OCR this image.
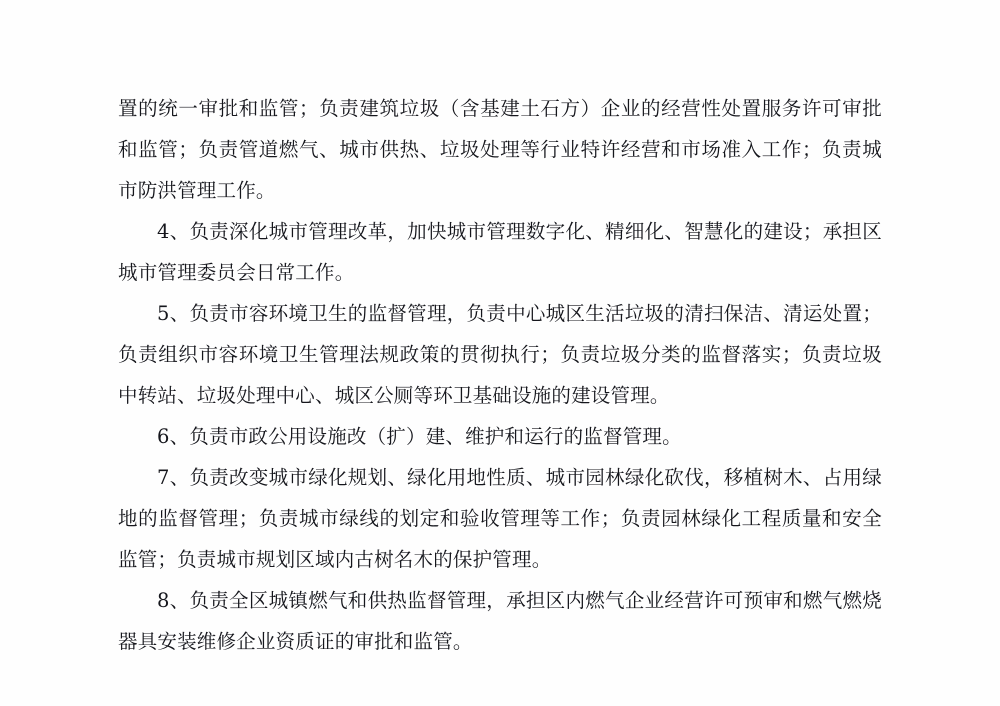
置的统一审批和监管；负责建筑垃圾（含基建土石方）企业的经营性处置服务许可审批和监管；负责管道燃气、城市供热、垃圾处理等行业特许经营和市场准入工作；负责城市防洪管理工作。

4、负责深化城市管理改革，加快城市管理数字化、精细化、智慧化的建设；承担区城市管理委员会日常工作。

5、负责市容环境卫生的监督管理，负责中心城区生活垃圾的清扫保洁、清运处置；负责组织市容环境卫生管理法规政策的贯彻执行；负责垃圾分类的监督落实；负责垃圾中转站、垃圾处理中心、城区公厕等环卫基础设施的建设管理。

6、负责市政公用设施改（扩）建、维护和运行的监督管理。

7、负责改变城市绿化规划、绿化用地性质、城市园林绿化砍伐，移植树木、占用绿地的监督管理；负责城市绿线的划定和验收管理等工作；负责园林绿化工程质量和安全监管；负责城市规划区域内古树名木的保护管理。

8、负责全区城镇燃气和供热监督管理，承担区内燃气企业经营许可预审和燃气燃烧器具安装维修企业资质证的审批和监管。
